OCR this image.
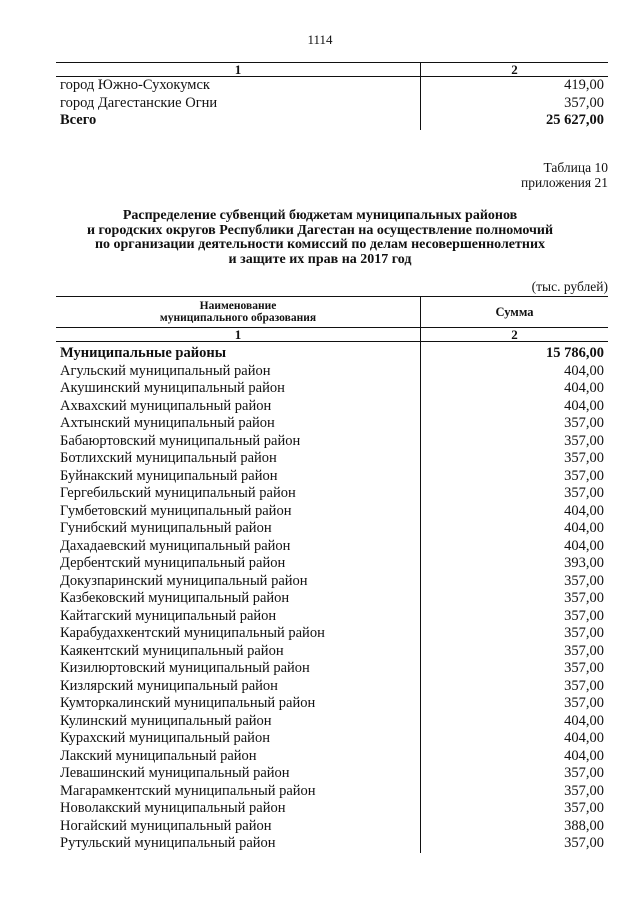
1114
1	2
город Южно-Сухокумск	419,00
город Дагестанские Огни	357,00
Всего	25 627,00
Таблица 10
приложения 21
Распределение субвенций бюджетам муниципальных районов
и городских округов Республики Дагестан на осуществление полномочий
по организации деятельности комиссий по делам несовершеннолетних
и защите их прав на 2017 год
(тыс. рублей)
Наименование
муниципального образования	Сумма
1	2
Муниципальные районы	15 786,00
Агульский муниципальный район	404,00
Акушинский муниципальный район	404,00
Ахвахский муниципальный район	404,00
Ахтынский муниципальный район	357,00
Бабаюртовский муниципальный район	357,00
Ботлихский муниципальный район	357,00
Буйнакский муниципальный район	357,00
Гергебильский муниципальный район	357,00
Гумбетовский муниципальный район	404,00
Гунибский муниципальный район	404,00
Дахадаевский муниципальный район	404,00
Дербентский муниципальный район	393,00
Докузпаринский муниципальный район	357,00
Казбековский муниципальный район	357,00
Кайтагский муниципальный район	357,00
Карабудахкентский муниципальный район	357,00
Каякентский муниципальный район	357,00
Кизилюртовский муниципальный район	357,00
Кизлярский муниципальный район	357,00
Кумторкалинский муниципальный район	357,00
Кулинский муниципальный район	404,00
Курахский муниципальный район	404,00
Лакский муниципальный район	404,00
Левашинский муниципальный район	357,00
Магарамкентский муниципальный район	357,00
Новолакский муниципальный район	357,00
Ногайский муниципальный район	388,00
Рутульский муниципальный район	357,00
